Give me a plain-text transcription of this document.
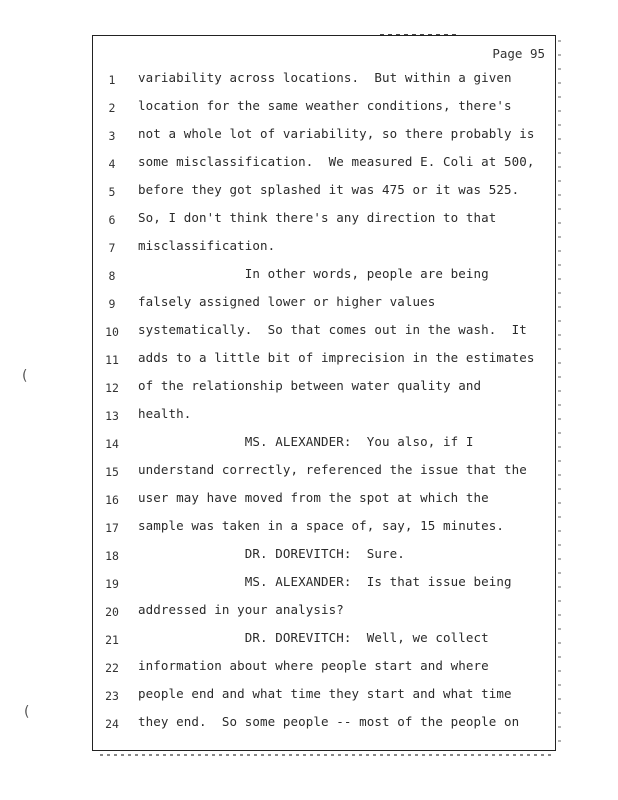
(
(
Page 95
1	variability across locations.  But within a given
2	location for the same weather conditions, there's
3	not a whole lot of variability, so there probably is
4	some misclassification.  We measured E. Coli at 500,
5	before they got splashed it was 475 or it was 525.
6	So, I don't think there's any direction to that
7	misclassification.
8	In other words, people are being
9	falsely assigned lower or higher values
10	systematically.  So that comes out in the wash.  It
11	adds to a little bit of imprecision in the estimates
12	of the relationship between water quality and
13	health.
14	MS. ALEXANDER:  You also, if I
15	understand correctly, referenced the issue that the
16	user may have moved from the spot at which the
17	sample was taken in a space of, say, 15 minutes.
18	DR. DOREVITCH:  Sure.
19	MS. ALEXANDER:  Is that issue being
20	addressed in your analysis?
21	DR. DOREVITCH:  Well, we collect
22	information about where people start and where
23	people end and what time they start and what time
24	they end.  So some people -- most of the people on
